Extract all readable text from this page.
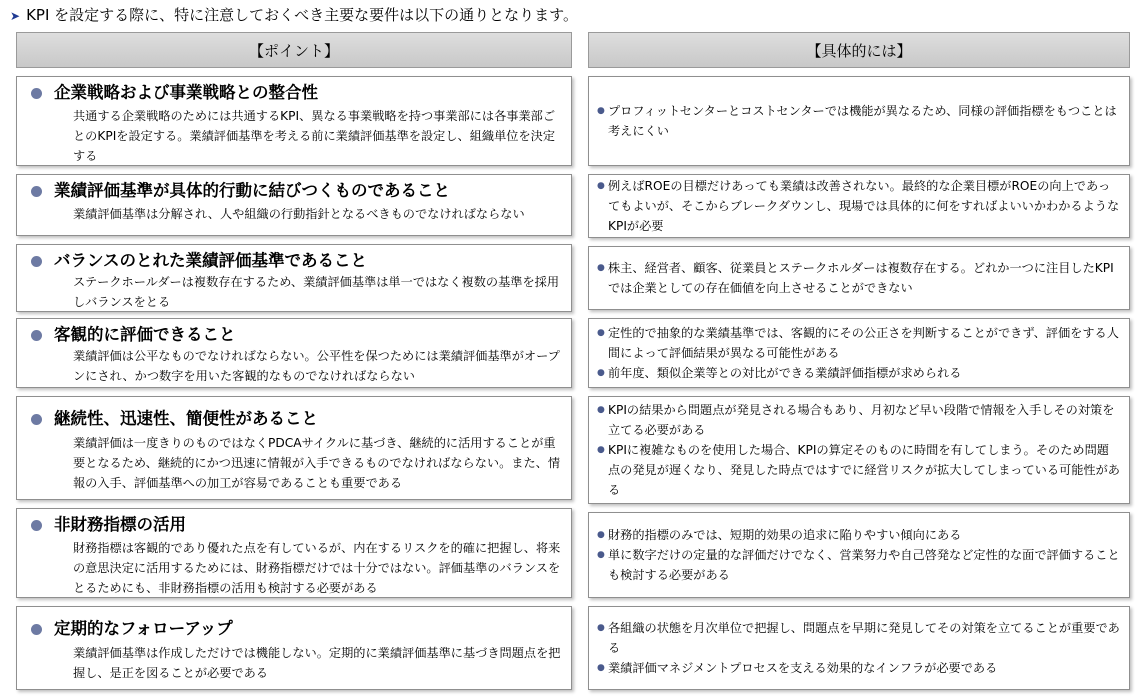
➤ KPI を設定する際に、特に注意しておくべき主要な要件は以下の通りとなります。
【ポイント】	【具体的には】
企業戦略および事業戦略との整合性
共通する企業戦略のためには共通するKPI、異なる事業戦略を持つ事業部には各事業部ごとのKPIを設定する。業績評価基準を考える前に業績評価基準を設定し、組織単位を決定する
● プロフィットセンターとコストセンターでは機能が異なるため、同様の評価指標をもつことは考えにくい
業績評価基準が具体的行動に結びつくものであること
業績評価基準は分解され、人や組織の行動指針となるべきものでなければならない
● 例えばROEの目標だけあっても業績は改善されない。最終的な企業目標がROEの向上であってもよいが、そこからブレークダウンし、現場では具体的に何をすればよいいかわかるようなKPIが必要
バランスのとれた業績評価基準であること
ステークホールダーは複数存在するため、業績評価基準は単一ではなく複数の基準を採用しバランスをとる
● 株主、経営者、顧客、従業員とステークホルダーは複数存在する。どれか一つに注目したKPIでは企業としての存在価値を向上させることができない
客観的に評価できること
業績評価は公平なものでなければならない。公平性を保つためには業績評価基準がオープンにされ、かつ数字を用いた客観的なものでなければならない
● 定性的で抽象的な業績基準では、客観的にその公正さを判断することができず、評価をする人間によって評価結果が異なる可能性がある
● 前年度、類似企業等との対比ができる業績評価指標が求められる
継続性、迅速性、簡便性があること
業績評価は一度きりのものではなくPDCAサイクルに基づき、継続的に活用することが重要となるため、継続的にかつ迅速に情報が入手できるものでなければならない。また、情報の入手、評価基準への加工が容易であることも重要である
● KPIの結果から問題点が発見される場合もあり、月初など早い段階で情報を入手しその対策を立てる必要がある
● KPIに複雑なものを使用した場合、KPIの算定そのものに時間を有してしまう。そのため問題点の発見が遅くなり、発見した時点ではすでに経営リスクが拡大してしまっている可能性がある
非財務指標の活用
財務指標は客観的であり優れた点を有しているが、内在するリスクを的確に把握し、将来の意思決定に活用するためには、財務指標だけでは十分ではない。評価基準のバランスをとるためにも、非財務指標の活用も検討する必要がある
● 財務的指標のみでは、短期的効果の追求に陥りやすい傾向にある
● 単に数字だけの定量的な評価だけでなく、営業努力や自己啓発など定性的な面で評価することも検討する必要がある
定期的なフォローアップ
業績評価基準は作成しただけでは機能しない。定期的に業績評価基準に基づき問題点を把握し、是正を図ることが必要である
● 各組織の状態を月次単位で把握し、問題点を早期に発見してその対策を立てることが重要である
● 業績評価マネジメントプロセスを支える効果的なインフラが必要である
